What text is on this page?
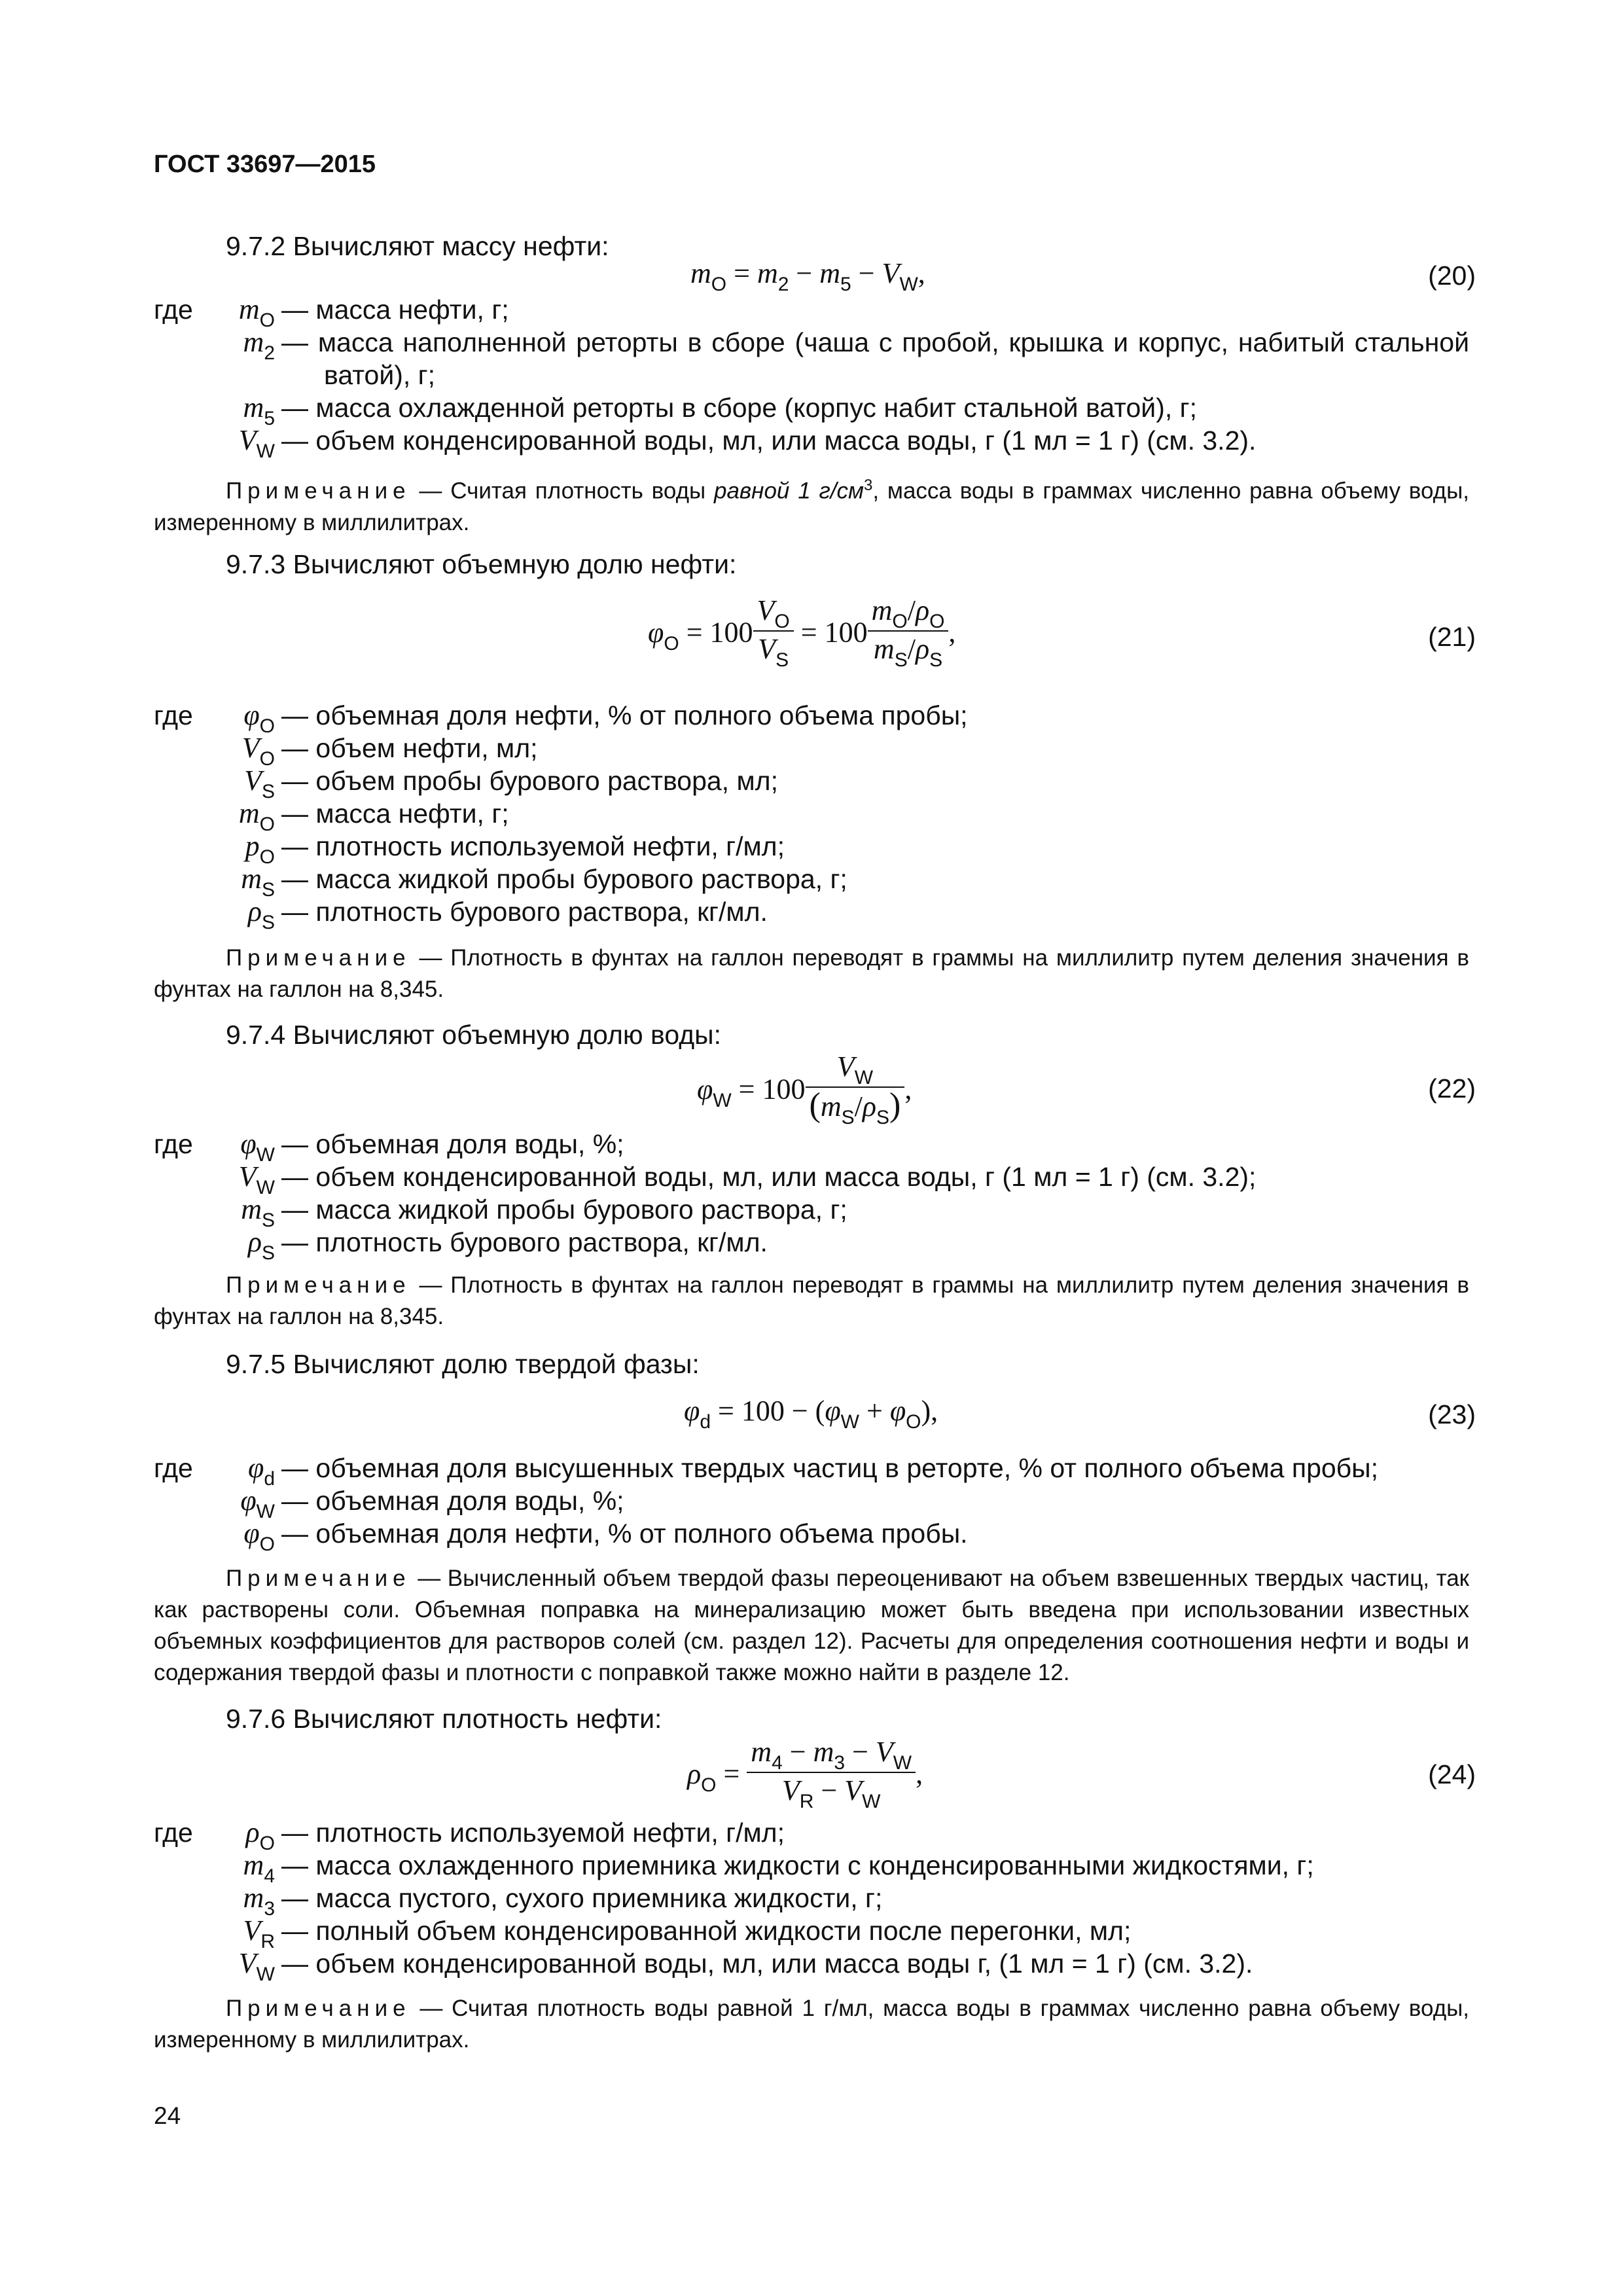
ГОСТ 33697—2015
9.7.2 Вычисляют массу нефти:
$m_O = m_2 - m_5 - V_W$,	(20)
где	$m_O$ — масса нефти, г;
$m_2$ — масса наполненной реторты в сборе (чаша с пробой, крышка и корпус, набитый стальной
ватой), г;
$m_5$ — масса охлажденной реторты в сборе (корпус набит стальной ватой), г;
$V_W$ — объем конденсированной воды, мл, или масса воды, г (1 мл = 1 г) (см. 3.2).
Примечание — Считая плотность воды равной 1 $г/см^3$, масса воды в граммах численно равна объему воды, измеренному в миллилитрах.
9.7.3 Вычисляют объемную долю нефти:
$\varphi_O = 100 \frac{V_O}{V_S} = 100 \frac{m_O/\rho_O}{m_S/\rho_S}$ ,	(21)
где	$\varphi_O$ — объемная доля нефти, % от полного объема пробы;
$V_O$ — объем нефти, мл;
$V_S$ — объем пробы бурового раствора, мл;
$m_O$ — масса нефти, г;
$p_O$ — плотность используемой нефти, г/мл;
$m_S$ — масса жидкой пробы бурового раствора, г;
$\rho_S$ — плотность бурового раствора, кг/мл.
Примечание — Плотность в фунтах на галлон переводят в граммы на миллилитр путем деления значения в фунтах на галлон на 8,345.
9.7.4 Вычисляют объемную долю воды:
$\varphi_W = 100 \frac{V_W}{(m_S/\rho_S)}$ ,	(22)
где	$\varphi_W$ — объемная доля воды, %;
$V_W$ — объем конденсированной воды, мл, или масса воды, г (1 мл = 1 г) (см. 3.2);
$m_S$ — масса жидкой пробы бурового раствора, г;
$\rho_S$ — плотность бурового раствора, кг/мл.
Примечание — Плотность в фунтах на галлон переводят в граммы на миллилитр путем деления значения в фунтах на галлон на 8,345.
9.7.5 Вычисляют долю твердой фазы:
$\varphi_d = 100 - (\varphi_W + \varphi_O)$,	(23)
где	$\varphi_d$ — объемная доля высушенных твердых частиц в реторте, % от полного объема пробы;
$\varphi_W$ — объемная доля воды, %;
$\varphi_O$ — объемная доля нефти, % от полного объема пробы.
Примечание — Вычисленный объем твердой фазы переоценивают на объем взвешенных твердых частиц, так как растворены соли. Объемная поправка на минерализацию может быть введена при использовании известных объемных коэффициентов для растворов солей (см. раздел 12). Расчеты для определения соотношения нефти и воды и содержания твердой фазы и плотности с поправкой также можно найти в разделе 12.
9.7.6 Вычисляют плотность нефти:
$\rho_O = \frac{m_4 - m_3 - V_W}{V_R - V_W}$ ,	(24)
где	$\rho_O$ — плотность используемой нефти, г/мл;
$m_4$ — масса охлажденного приемника жидкости с конденсированными жидкостями, г;
$m_3$ — масса пустого, сухого приемника жидкости, г;
$V_R$ — полный объем конденсированной жидкости после перегонки, мл;
$V_W$ — объем конденсированной воды, мл, или масса воды г, (1 мл = 1 г) (см. 3.2).
Примечание — Считая плотность воды равной 1 г/мл, масса воды в граммах численно равна объему воды, измеренному в миллилитрах.
24
